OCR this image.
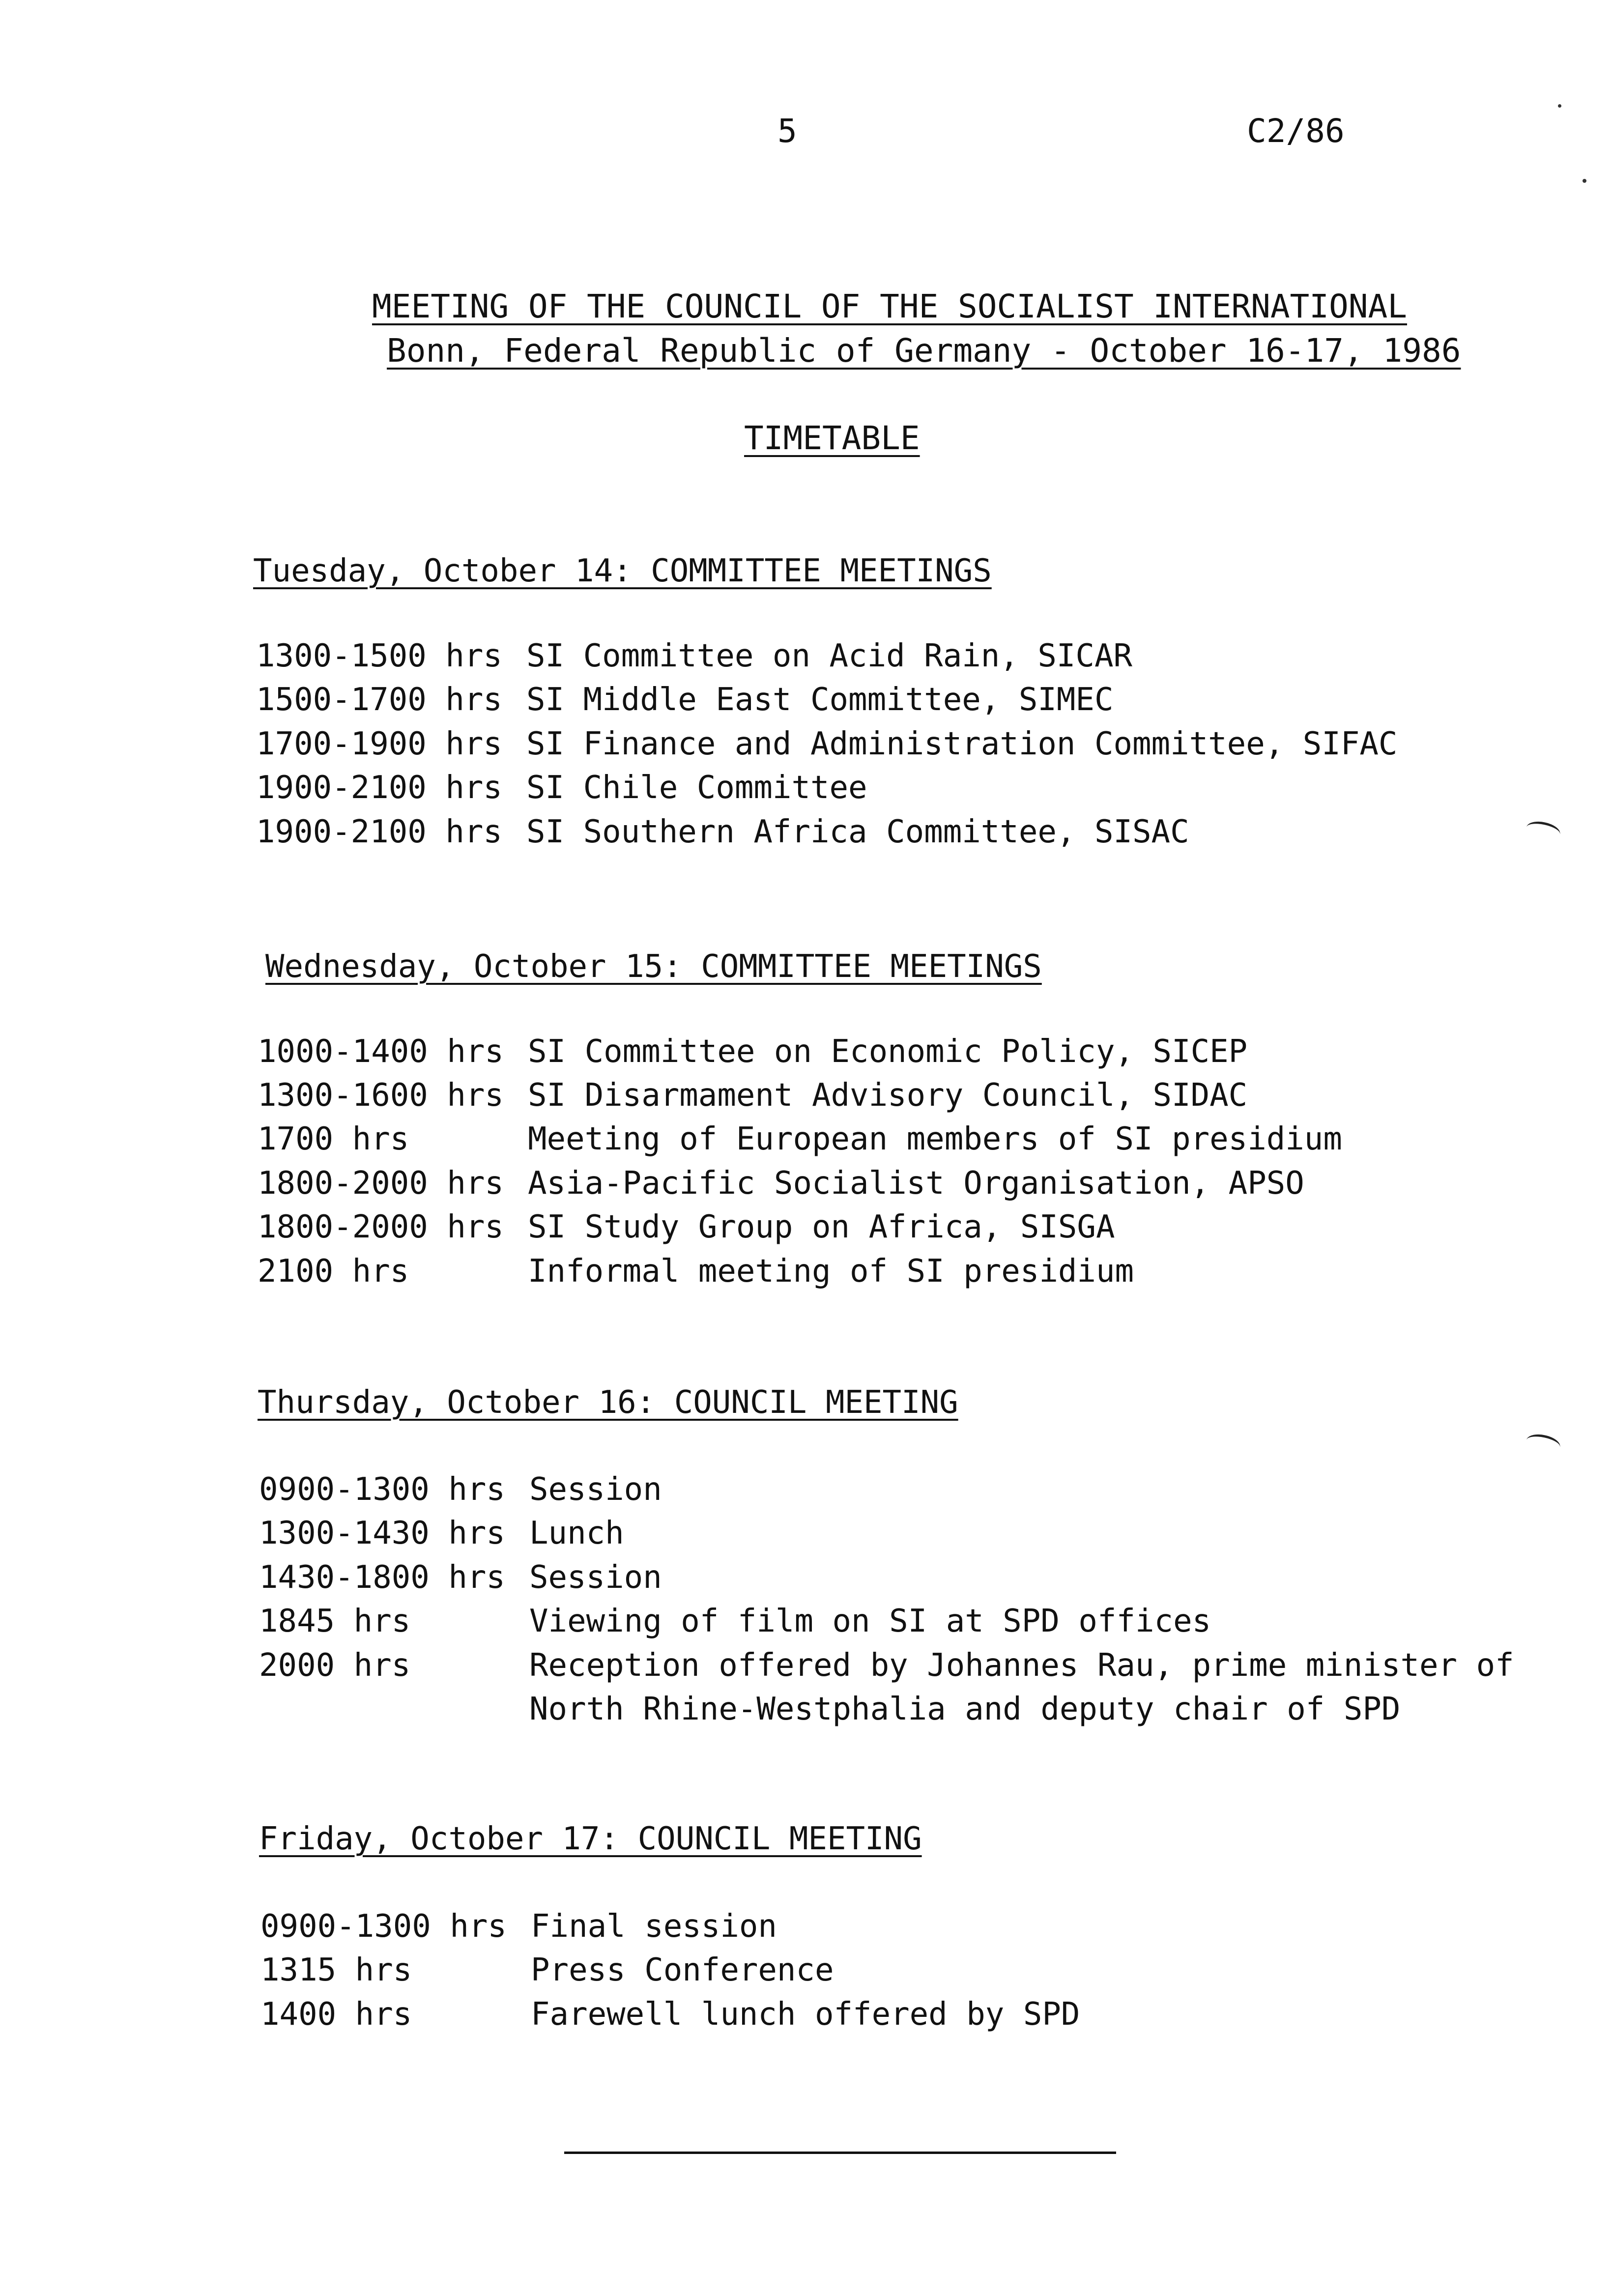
5	C2/86
MEETING OF THE COUNCIL OF THE SOCIALIST INTERNATIONAL
Bonn, Federal Republic of Germany - October 16-17, 1986
TIMETABLE
Tuesday, October 14: COMMITTEE MEETINGS
1300-1500 hrs SI Committee on Acid Rain, SICAR
1500-1700 hrs SI Middle East Committee, SIMEC
1700-1900 hrs SI Finance and Administration Committee, SIFAC
1900-2100 hrs SI Chile Committee
1900-2100 hrs SI Southern Africa Committee, SISAC
Wednesday, October 15: COMMITTEE MEETINGS
1000-1400 hrs SI Committee on Economic Policy, SICEP
1300-1600 hrs SI Disarmament Advisory Council, SIDAC
1700 hrs	Meeting of European members of SI presidium
1800-2000 hrs Asia-Pacific Socialist Organisation, APSO
1800-2000 hrs SI Study Group on Africa, SISGA
2100 hrs	Informal meeting of SI presidium
Thursday, October 16: COUNCIL MEETING
0900-1300 hrs Session
1300-1430 hrs Lunch
1430-1800 hrs Session
1845 hrs	Viewing of film on SI at SPD offices
2000 hrs	Reception offered by Johannes Rau, prime minister of
North Rhine-Westphalia and deputy chair of SPD
Friday, October 17: COUNCIL MEETING
0900-1300 hrs Final session
1315 hrs	Press Conference
1400 hrs	Farewell lunch offered by SPD
